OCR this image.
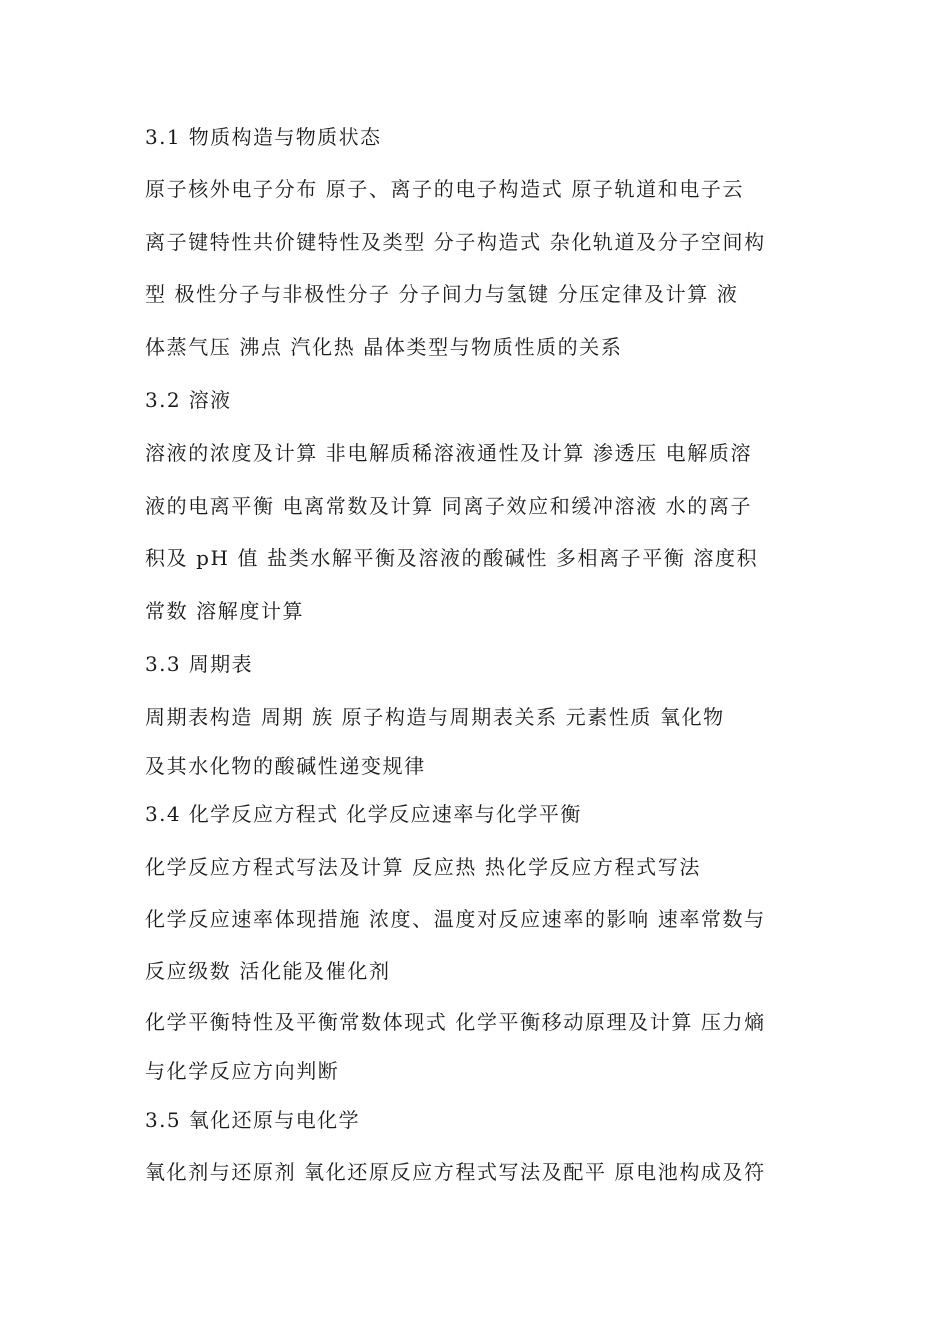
3.1 物质构造与物质状态
原子核外电子分布 原子、离子的电子构造式 原子轨道和电子云
离子键特性共价键特性及类型 分子构造式 杂化轨道及分子空间构
型 极性分子与非极性分子 分子间力与氢键 分压定律及计算 液
体蒸气压 沸点 汽化热 晶体类型与物质性质的关系
3.2 溶液
溶液的浓度及计算 非电解质稀溶液通性及计算 渗透压 电解质溶
液的电离平衡 电离常数及计算 同离子效应和缓冲溶液 水的离子
积及 pH 值 盐类水解平衡及溶液的酸碱性 多相离子平衡 溶度积
常数 溶解度计算
3.3 周期表
周期表构造 周期 族 原子构造与周期表关系 元素性质 氧化物
及其水化物的酸碱性递变规律
3.4 化学反应方程式 化学反应速率与化学平衡
化学反应方程式写法及计算 反应热 热化学反应方程式写法
化学反应速率体现措施 浓度、温度对反应速率的影响 速率常数与
反应级数 活化能及催化剂
化学平衡特性及平衡常数体现式 化学平衡移动原理及计算 压力熵
与化学反应方向判断
3.5 氧化还原与电化学
氧化剂与还原剂 氧化还原反应方程式写法及配平 原电池构成及符
